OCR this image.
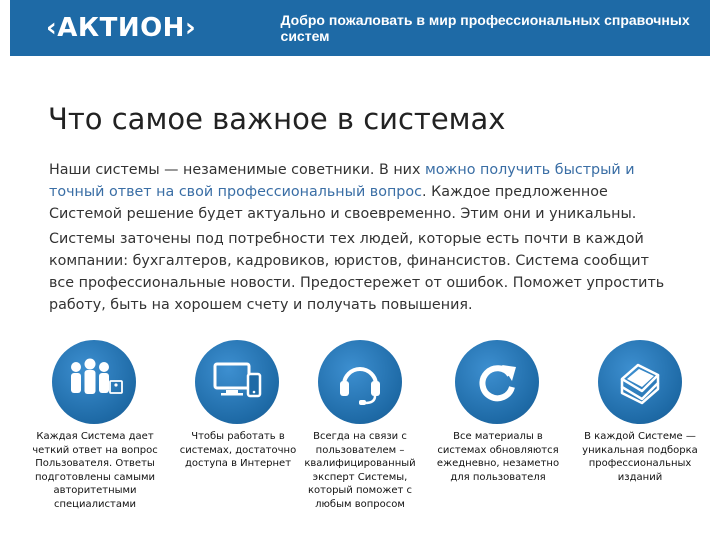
‹АКТИОН›	Добро пожаловать в мир профессиональных справочных систем
Что самое важное в системах

Наши системы — незаменимые советники. В них можно получить быстрый и точный ответ на свой профессиональный вопрос. Каждое предложенное Системой решение будет актуально и своевременно. Этим они и уникальны.

Системы заточены под потребности тех людей, которые есть почти в каждой компании: бухгалтеров, кадровиков, юристов, финансистов. Система сообщит все профессиональные новости. Предостережет от ошибок. Поможет упростить работу, быть на хорошем счету и получать повышения.

Каждая Система дает четкий ответ на вопрос Пользователя. Ответы подготовлены самыми авторитетными специалистами
Чтобы работать в системах, достаточно доступа в Интернет
Всегда на связи с пользователем – квалифицированный эксперт Системы, который поможет с любым вопросом
Все материалы в системах обновляются ежедневно, незаметно для пользователя
В каждой Системе — уникальная подборка профессиональных изданий
